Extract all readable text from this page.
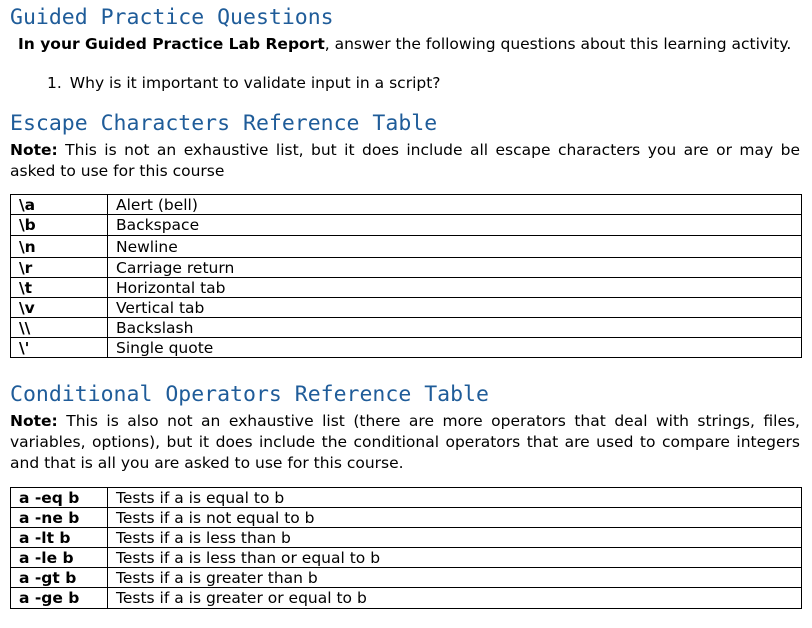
Guided Practice Questions

In your Guided Practice Lab Report, answer the following questions about this learning activity.

1. Why is it important to validate input in a script?
Escape Characters Reference Table

Note: This is not an exhaustive list, but it does include all escape characters you are or may be asked to use for this course

\a	Alert (bell)
\b	Backspace
\n	Newline
\r	Carriage return
\t	Horizontal tab
\v	Vertical tab
\\	Backslash
\'	Single quote
Conditional Operators Reference Table

Note: This is also not an exhaustive list (there are more operators that deal with strings, files, variables, options), but it does include the conditional operators that are used to compare integers and that is all you are asked to use for this course.

a -eq b	Tests if a is equal to b
a -ne b	Tests if a is not equal to b
a -lt b	Tests if a is less than b
a -le b	Tests if a is less than or equal to b
a -gt b	Tests if a is greater than b
a -ge b	Tests if a is greater or equal to b
